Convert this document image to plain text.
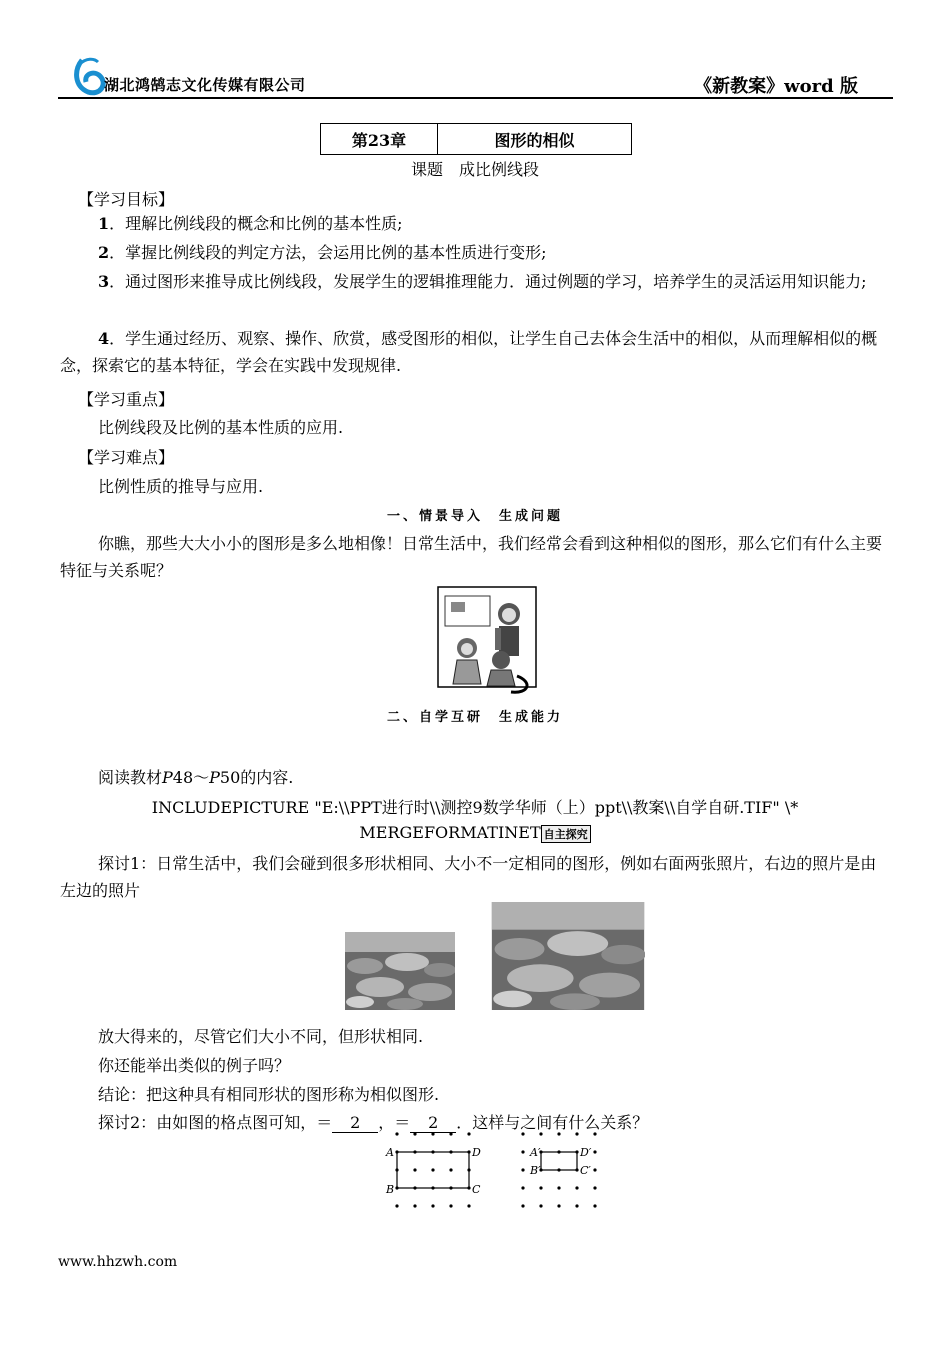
湖北鸿鹄志文化传媒有限公司	《新教案》word 版
第23章	图形的相似
课题　成比例线段
【学习目标】
1．理解比例线段的概念和比例的基本性质;
2．掌握比例线段的判定方法，会运用比例的基本性质进行变形;
3．通过图形来推导成比例线段，发展学生的逻辑推理能力．通过例题的学习，培养学生的灵活运用知识能力;
4．学生通过经历、观察、操作、欣赏，感受图形的相似，让学生自己去体会生活中的相似，从而理解相似的概念，探索它的基本特征，学会在实践中发现规律.
【学习重点】
比例线段及比例的基本性质的应用.
【学习难点】
比例性质的推导与应用.
一、情景导入　生成问题
你瞧，那些大大小小的图形是多么地相像！日常生活中，我们经常会看到这种相似的图形，那么它们有什么主要特征与关系呢？
二、自学互研　生成能力
阅读教材P48～P50的内容.
INCLUDEPICTURE "E:\\PPT进行时\\测控9数学华师（上）ppt\\教案\\自学自研.TIF" \*
MERGEFORMATINET 自主探究
探讨1：日常生活中，我们会碰到很多形状相同、大小不一定相同的图形，例如右面两张照片，右边的照片是由左边的照片
放大得来的，尽管它们大小不同，但形状相同.
你还能举出类似的例子吗？
结论：把这种具有相同形状的图形称为相似图形.
探讨2：由如图的格点图可知，＝ 2 ，＝ 2 ．这样与之间有什么关系？
A	D
B	C
A′	D′
B′	C′
www.hhzwh.com
